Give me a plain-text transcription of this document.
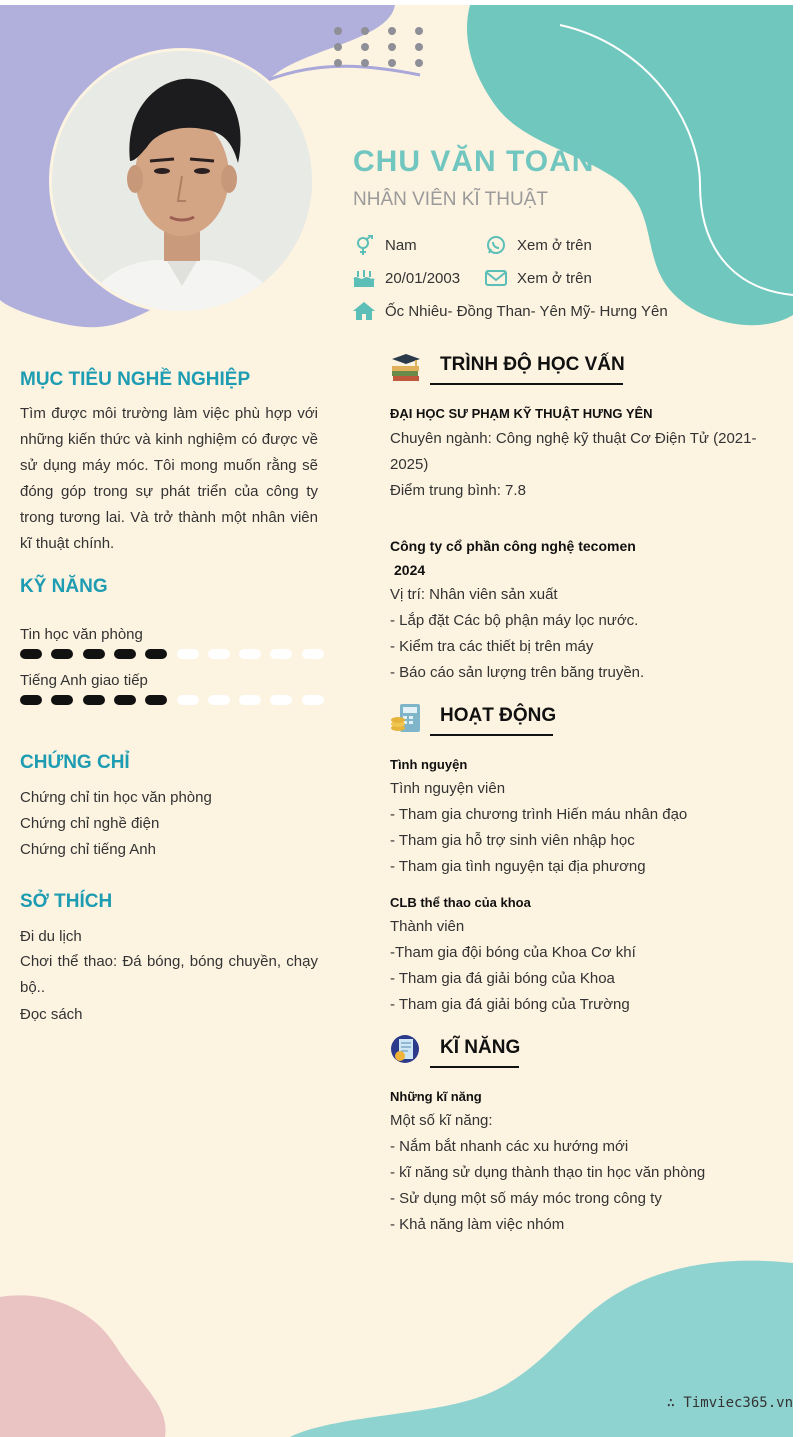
CHU VĂN TOÀN
NHÂN VIÊN KĨ THUẬT
Nam	Xem ở trên
20/01/2003	Xem ở trên
Ốc Nhiêu- Đồng Than- Yên Mỹ- Hưng Yên
MỤC TIÊU NGHỀ NGHIỆP

Tìm được môi trường làm việc phù hợp với những kiến thức và kinh nghiệm có được về sử dụng máy móc. Tôi mong muốn rằng sẽ đóng góp trong sự phát triển của công ty trong tương lai. Và trở thành một nhân viên kĩ thuật chính.

KỸ NĂNG
Tin học văn phòng
Tiếng Anh giao tiếp
CHỨNG CHỈ
Chứng chỉ tin học văn phòng
Chứng chỉ nghề điện
Chứng chỉ tiếng Anh
SỞ THÍCH
Đi du lịch

Chơi thể thao: Đá bóng, bóng chuyền, chạy bộ..

Đọc sách
TRÌNH ĐỘ HỌC VẤN
ĐẠI HỌC SƯ PHẠM KỸ THUẬT HƯNG YÊN
Chuyên ngành: Công nghệ kỹ thuật Cơ Điện Tử (2021-2025)
Điểm trung bình: 7.8
Công ty cổ phần công nghệ tecomen
2024
Vị trí: Nhân viên sản xuất
- Lắp đặt Các bộ phận máy lọc nước.
- Kiểm tra các thiết bị trên máy
- Báo cáo sản lượng trên băng truyền.
HOẠT ĐỘNG
Tình nguyện
Tình nguyện viên
- Tham gia chương trình Hiến máu nhân đạo
- Tham gia hỗ trợ sinh viên nhập học
- Tham gia tình nguyện tại địa phương
CLB thể thao của khoa
Thành viên
-Tham gia đội bóng của Khoa Cơ khí
- Tham gia đá giải bóng của Khoa
- Tham gia đá giải bóng của Trường
KĨ NĂNG
Những kĩ năng
Một số kĩ năng:
- Nắm bắt nhanh các xu hướng mới
- kĩ năng sử dụng thành thạo tin học văn phòng
- Sử dụng một số máy móc trong công ty
- Khả năng làm việc nhóm
∴ Timviec365.vn
